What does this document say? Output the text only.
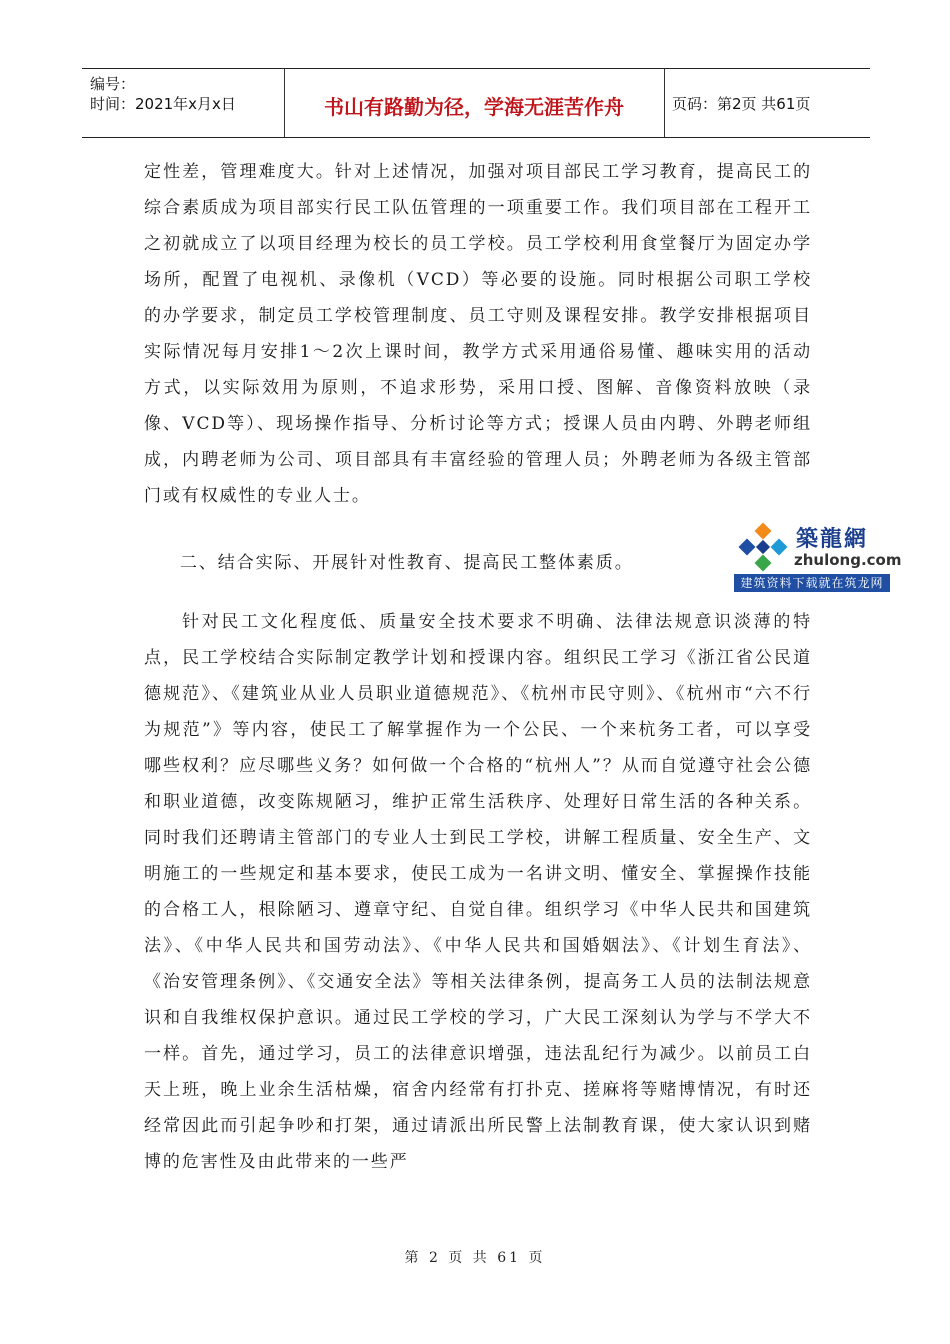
编号：
时间：2021年x月x日	书山有路勤为径，学海无涯苦作舟	页码：第2页 共61页

定性差，管理难度大。针对上述情况，加强对项目部民工学习教育，提高民工的综合素质成为项目部实行民工队伍管理的一项重要工作。我们项目部在工程开工之初就成立了以项目经理为校长的员工学校。员工学校利用食堂餐厅为固定办学场所，配置了电视机、录像机（VCD）等必要的设施。同时根据公司职工学校的办学要求，制定员工学校管理制度、员工守则及课程安排。教学安排根据项目实际情况每月安排1～2次上课时间，教学方式采用通俗易懂、趣味实用的活动方式，以实际效用为原则，不追求形势，采用口授、图解、音像资料放映（录像、VCD等）、现场操作指导、分析讨论等方式；授课人员由内聘、外聘老师组成，内聘老师为公司、项目部具有丰富经验的管理人员；外聘老师为各级主管部门或有权威性的专业人士。

二、结合实际、开展针对性教育、提高民工整体素质。
築龍網
zhulong.com
建筑资料下载就在筑龙网

针对民工文化程度低、质量安全技术要求不明确、法律法规意识淡薄的特点，民工学校结合实际制定教学计划和授课内容。组织民工学习《浙江省公民道德规范》、《建筑业从业人员职业道德规范》、《杭州市民守则》、《杭州市“六不行为规范”》等内容，使民工了解掌握作为一个公民、一个来杭务工者，可以享受哪些权利？应尽哪些义务？如何做一个合格的“杭州人”？从而自觉遵守社会公德和职业道德，改变陈规陋习，维护正常生活秩序、处理好日常生活的各种关系。同时我们还聘请主管部门的专业人士到民工学校，讲解工程质量、安全生产、文明施工的一些规定和基本要求，使民工成为一名讲文明、懂安全、掌握操作技能的合格工人，根除陋习、遵章守纪、自觉自律。组织学习《中华人民共和国建筑法》、《中华人民共和国劳动法》、《中华人民共和国婚姻法》、《计划生育法》、《治安管理条例》、《交通安全法》等相关法律条例，提高务工人员的法制法规意识和自我维权保护意识。通过民工学校的学习，广大民工深刻认为学与不学大不一样。首先，通过学习，员工的法律意识增强，违法乱纪行为减少。以前员工白天上班，晚上业余生活枯燥，宿舍内经常有打扑克、搓麻将等赌博情况，有时还经常因此而引起争吵和打架，通过请派出所民警上法制教育课，使大家认识到赌博的危害性及由此带来的一些严

第 2 页 共 61 页
